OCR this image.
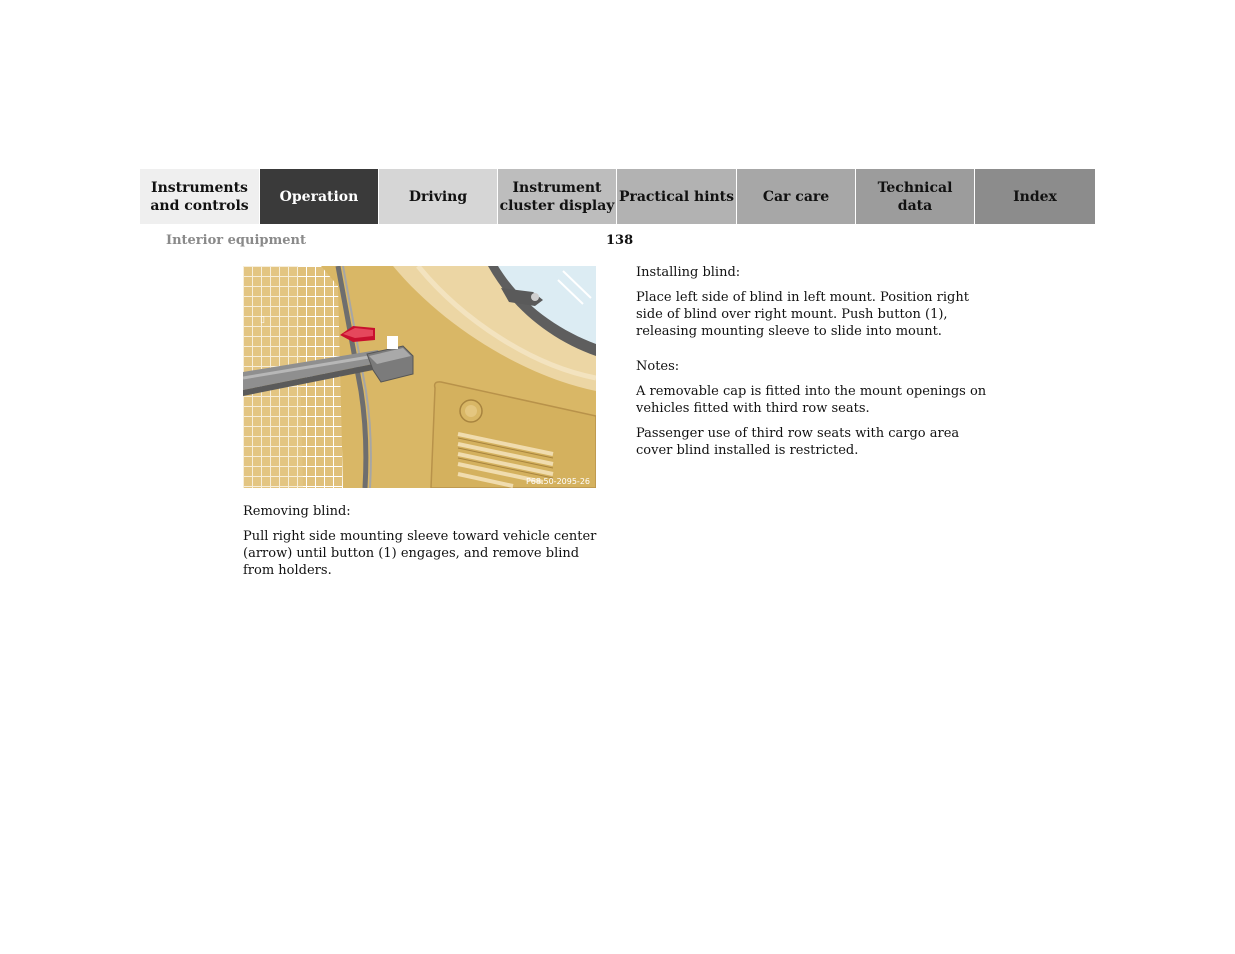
Instruments
and controls
Operation	Driving
Instrument
cluster display
Practical hints	Car care
Technical
data
Index
Interior equipment	138
▯
P68.50-2095-26

Removing blind:

Pull right side mounting sleeve toward vehicle center (arrow) until button (1) engages, and remove blind from holders.

Installing blind:

Place left side of blind in left mount. Position right side of blind over right mount. Push button (1), releasing mounting sleeve to slide into mount.

Notes:

A removable cap is fitted into the mount openings on vehicles fitted with third row seats.

Passenger use of third row seats with cargo area cover blind installed is restricted.
